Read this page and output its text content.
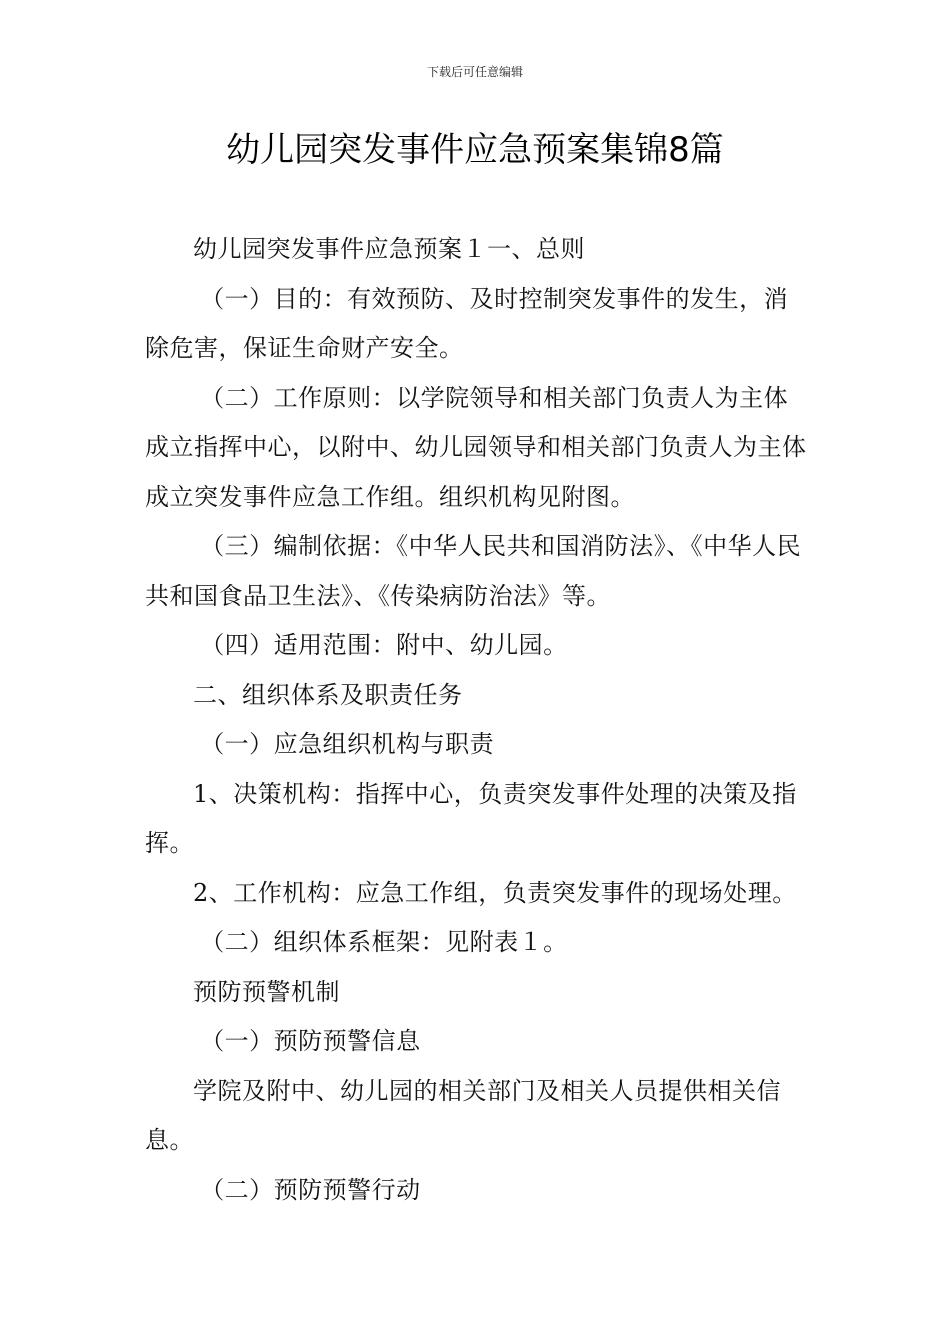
下载后可任意编辑
幼儿园突发事件应急预案集锦8篇

幼儿园突发事件应急预案１一、总则

（一）目的：有效预防、及时控制突发事件的发生，消除危害，保证生命财产安全。

（二）工作原则：以学院领导和相关部门负责人为主体成立指挥中心，以附中、幼儿园领导和相关部门负责人为主体成立突发事件应急工作组。组织机构见附图。

（三）编制依据：《中华人民共和国消防法》、《中华人民共和国食品卫生法》、《传染病防治法》等。

（四）适用范围：附中、幼儿园。

二、组织体系及职责任务

（一）应急组织机构与职责

1、决策机构：指挥中心，负责突发事件处理的决策及指挥。

2、工作机构：应急工作组，负责突发事件的现场处理。

（二）组织体系框架：见附表１。

预防预警机制

（一）预防预警信息

学院及附中、幼儿园的相关部门及相关人员提供相关信息。

（二）预防预警行动
